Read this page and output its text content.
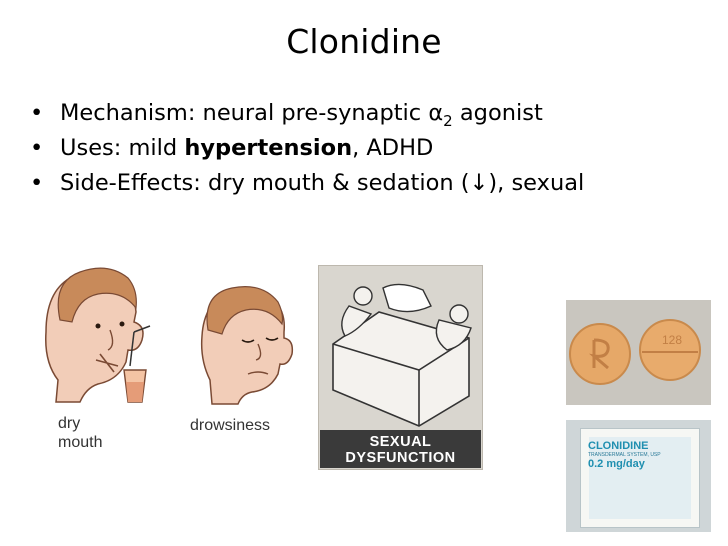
Clonidine
• Mechanism: neural pre-synaptic $\alpha_2$ agonist
• Uses: mild hypertension, ADHD
• Side-Effects: dry mouth & sedation (↓), sexual
dry
mouth
drowsiness
SEXUAL
DYSFUNCTION
128
CLONIDINE
TRANSDERMAL SYSTEM, USP
0.2 mg/day
